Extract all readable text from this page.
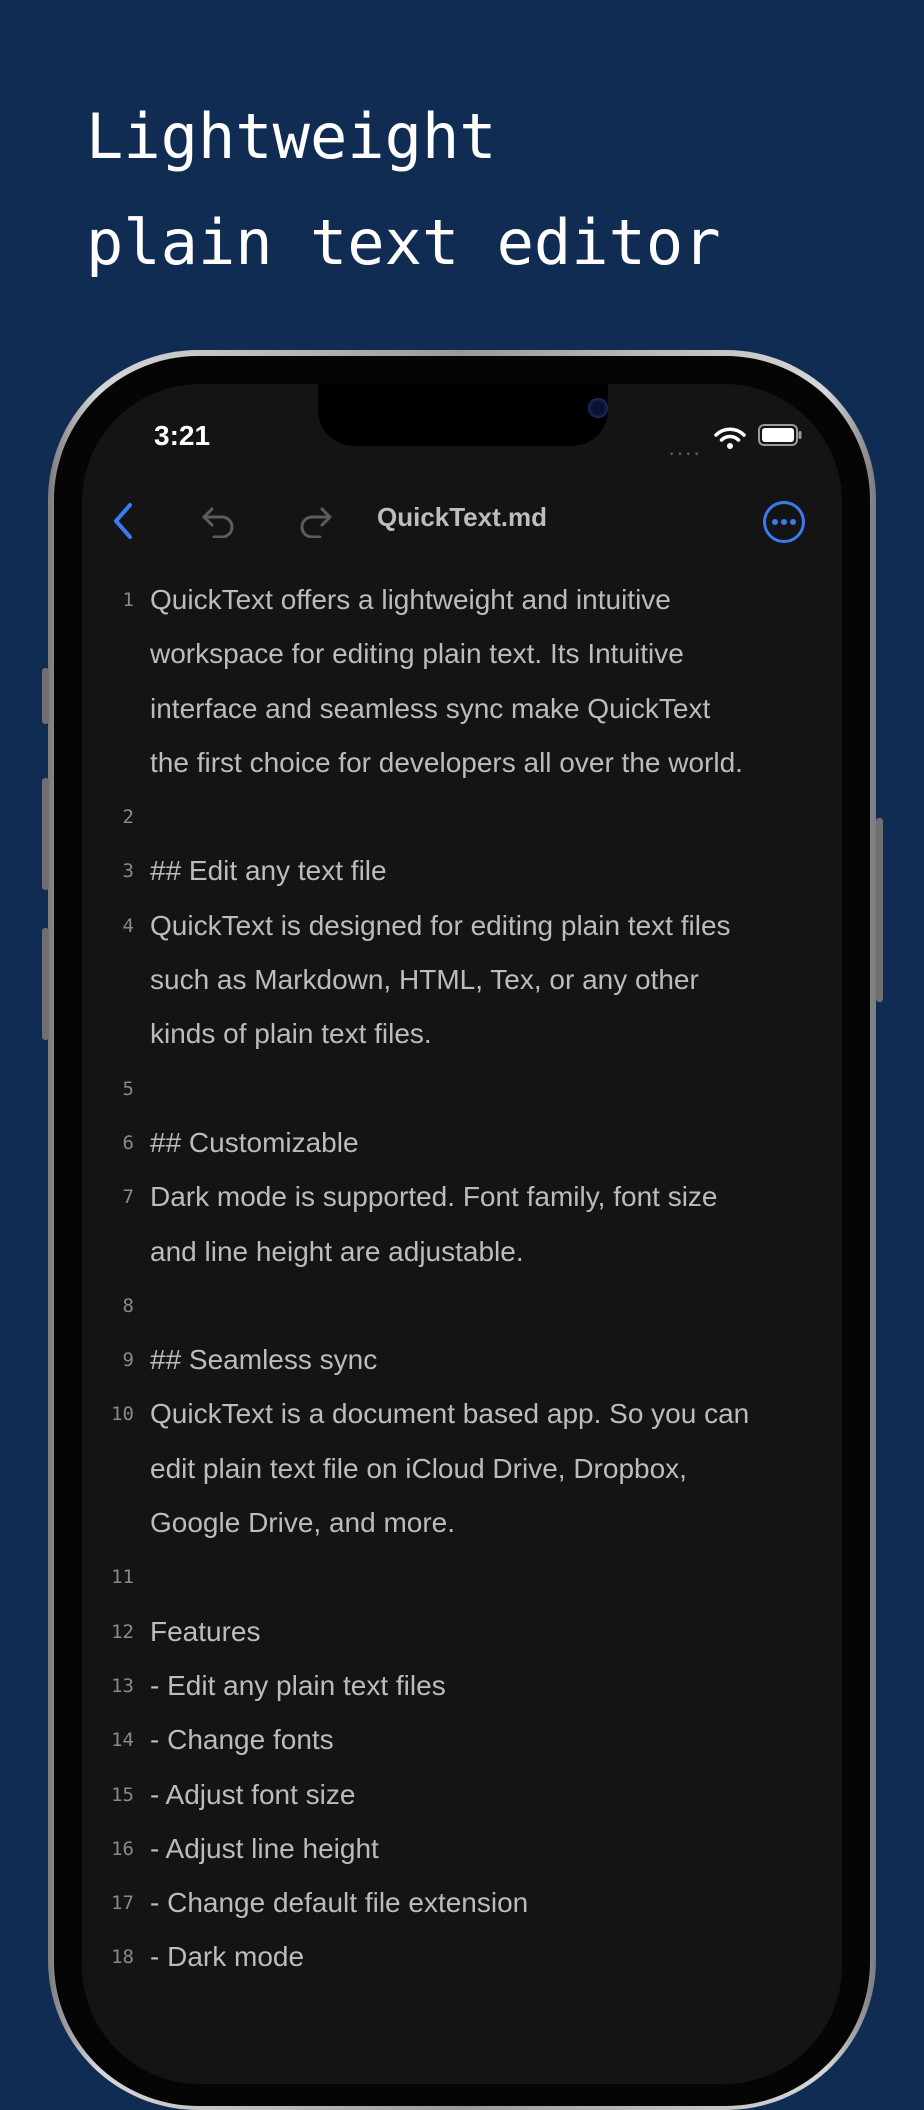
Lightweight
plain text editor
3:21
····
QuickText.md
1 QuickText offers a lightweight and intuitive workspace for editing plain text. Its Intuitive interface and seamless sync make QuickText the first choice for developers all over the world.
2
3 ## Edit any text file
4 QuickText is designed for editing plain text files such as Markdown, HTML, Tex, or any other kinds of plain text files.
5
6 ## Customizable
7 Dark mode is supported. Font family, font size and line height are adjustable.
8
9 ## Seamless sync
10 QuickText is a document based app. So you can edit plain text file on iCloud Drive, Dropbox, Google Drive, and more.
11
12 Features
13 - Edit any plain text files
14 - Change fonts
15 - Adjust font size
16 - Adjust line height
17 - Change default file extension
18 - Dark mode
